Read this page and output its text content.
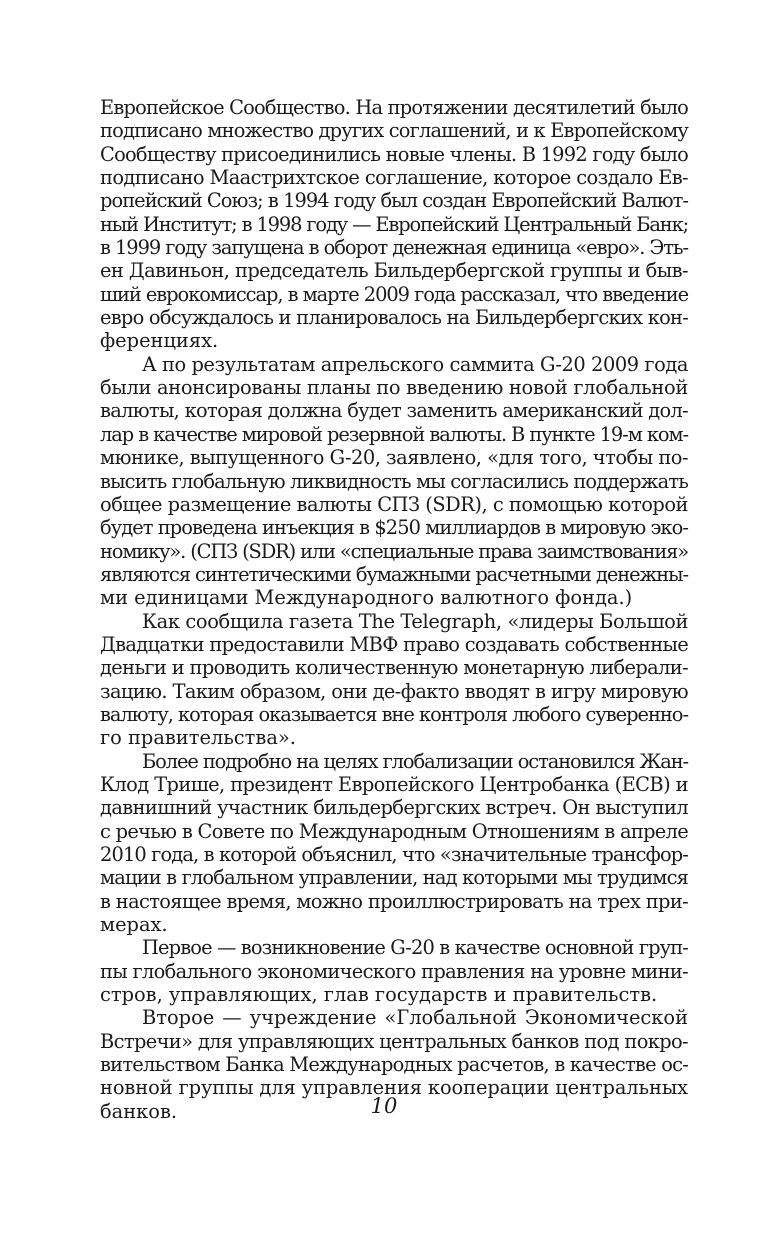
Европейское Сообщество. На протяжении десятилетий было
подписано множество других соглашений, и к Европейскому
Сообществу присоединились новые члены. В 1992 году было
подписано Маастрихтское соглашение, которое создало Ев-
ропейский Союз; в 1994 году был создан Европейский Валют-
ный Институт; в 1998 году — Европейский Центральный Банк;
в 1999 году запущена в оборот денежная единица «евро». Эть-
ен Давиньон, председатель Бильдербергской группы и быв-
ший еврокомиссар, в марте 2009 года рассказал, что введение
евро обсуждалось и планировалось на Бильдербергских кон-
ференциях.

А по результатам апрельского саммита G-20 2009 года
были анонсированы планы по введению новой глобальной
валюты, которая должна будет заменить американский дол-
лар в качестве мировой резервной валюты. В пункте 19-м ком-
мюнике, выпущенного G-20, заявлено, «для того, чтобы по-
высить глобальную ликвидность мы согласились поддержать
общее размещение валюты СПЗ (SDR), с помощью которой
будет проведена инъекция в $250 миллиардов в мировую эко-
номику». (СПЗ (SDR) или «специальные права заимствования»
являются синтетическими бумажными расчетными денежны-
ми единицами Международного валютного фонда.)

Как сообщила газета The Telegraph, «лидеры Большой
Двадцатки предоставили МВФ право создавать собственные
деньги и проводить количественную монетарную либерали-
зацию. Таким образом, они де-факто вводят в игру мировую
валюту, которая оказывается вне контроля любого суверенно-
го правительства».

Более подробно на целях глобализации остановился Жан-
Клод Трише, президент Европейского Центробанка (ЕСВ) и
давнишний участник бильдербергских встреч. Он выступил
с речью в Совете по Международным Отношениям в апреле
2010 года, в которой объяснил, что «значительные трансфор-
мации в глобальном управлении, над которыми мы трудимся
в настоящее время, можно проиллюстрировать на трех при-
мерах.

Первое — возникновение G-20 в качестве основной груп-
пы глобального экономического правления на уровне мини-
стров, управляющих, глав государств и правительств.

Второе — учреждение «Глобальной Экономической
Встречи» для управляющих центральных банков под покро-
вительством Банка Международных расчетов, в качестве ос-
новной группы для управления кооперации центральных
банков.	10
